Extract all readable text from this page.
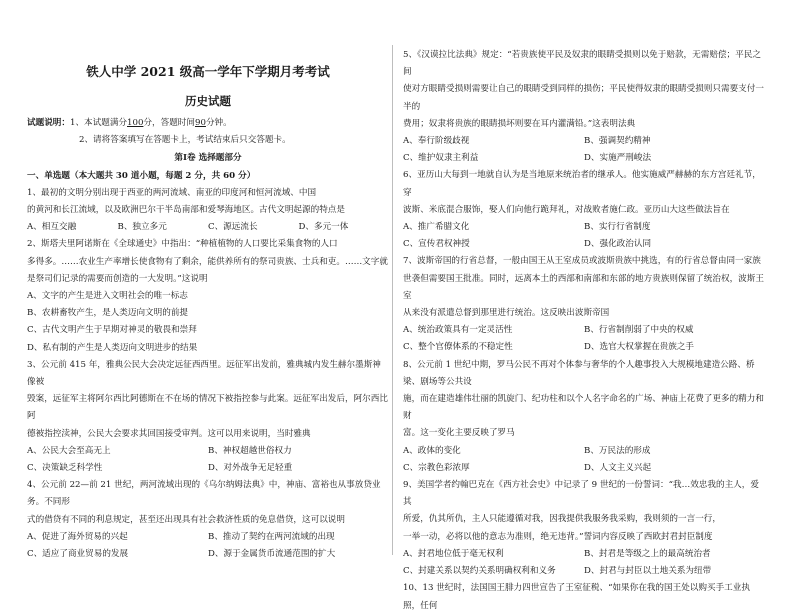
铁人中学 2021 级高一学年下学期月考考试
历史试题

试题说明：1、本试题满分100分，答题时间90分钟。

2、请将答案填写在答题卡上，考试结束后只交答题卡。

第Ⅰ卷 选择题部分

一、单选题（本大题共 30 道小题，每题 2 分，共 60 分）

1、最初的文明分别出现于西亚的两河流域、南亚的印度河和恒河流域、中国

的黄河和长江流域，以及欧洲巴尔干半岛南部和爱琴海地区。古代文明起源的特点是

A、相互交融	B、独立多元	C、源远流长	D、多元一体

2、斯塔夫里阿诺斯在《全球通史》中指出：“种植植物的人口要比采集食物的人口

多得多。……农业生产率增长使食物有了剩余，能供养所有的祭司贵族、士兵和吏。……文字就

是祭司们记录的需要而创造的一大发明。”这说明

A、文字的产生是进入文明社会的唯一标志

B、农耕畜牧产生，是人类迈向文明的前提

C、古代文明产生于早期对神灵的敬畏和崇拜

D、私有制的产生是人类迈向文明进步的结果

3、公元前 415 年，雅典公民大会决定远征西西里。远征军出发前，雅典城内发生赫尔墨斯神像被

毁案，远征军主将阿尔西比阿德斯在不在场的情况下被指控参与此案。远征军出发后，阿尔西比阿

德被指控渎神，公民大会要求其回国接受审判。这可以用来说明，当时雅典

A、公民大会至高无上	B、神权超越世俗权力
C、决策缺乏科学性	D、对外战争无足轻重

4、公元前 22—前 21 世纪，两河流域出现的《乌尔纳姆法典》中，神庙、富裕也从事放贷业务。不同形

式的借贷有不同的利息规定，甚至还出现具有社会救济性质的免息借贷，这可以说明

A、促进了海外贸易的兴起	B、推动了契约在两河流域的出现
C、适应了商业贸易的发展	D、源于金属货币流通范围的扩大

5、《汉谟拉比法典》规定：“若贵族使平民及奴隶的眼睛受损则以免于赔款，无需赔偿；平民之间

使对方眼睛受损则需要让自己的眼睛受到同样的损伤；平民使得奴隶的眼睛受损则只需要支付一半的

费用；奴隶将贵族的眼睛损坏则要在耳内灌满铅。”这表明法典

A、奉行阶级歧视	B、强调契约精神
C、维护奴隶主利益	D、实施严刑峻法

6、亚历山大每到一地就自认为是当地原来统治者的继承人。他实施威严赫赫的东方宫廷礼节，穿

波斯、米底混合服饰，娶人们向他行跪拜礼，对战败者施仁政。亚历山大这些做法旨在

A、推广希腊文化	B、实行行省制度
C、宣传君权神授	D、强化政治认同

7、波斯帝国的行省总督，一般由国王从王室成员或波斯贵族中挑选，有的行省总督由同一家族

世袭但需要国王批准。同时，远离本土的西部和南部和东部的地方贵族则保留了统治权，波斯王室

从来没有派遣总督到那里进行统治。这反映出波斯帝国

A、统治政策具有一定灵活性	B、行省制削弱了中央的权威
C、整个官僚体系的不稳定性	D、选官大权掌握在贵族之手

8、公元前 1 世纪中期，罗马公民不再对个体参与奢华的个人趣事投入大规模地建造公路、桥梁、剧场等公共设

施，而在建造雄伟壮丽的凯旋门、纪功柱和以个人名字命名的广场、神庙上花费了更多的精力和财

富。这一变化主要反映了罗马

A、政体的变化	B、万民法的形成
C、宗教色彩浓厚	D、人文主义兴起

9、美国学者约翰巴克在《西方社会史》中记录了 9 世纪的一份誓词：“我…效忠我的主人，爱其

所爱，仇其所仇，主人只能遵循对我，因我提供我服务我采购，我则须的一言一行，

一举一动，必将以他的意志为准则，绝无违背。”誓词内容反映了西欧封君封臣制度

A、封君地位低于毫无权利	B、封君是等级之上的最高统治者
C、封建关系以契约关系明确权利和义务	D、封君与封臣以土地关系为纽带

10、13 世纪时，法国国王腓力四世宣告了王室征税、“如果你在我的国王处以购买手工业执照，任何
